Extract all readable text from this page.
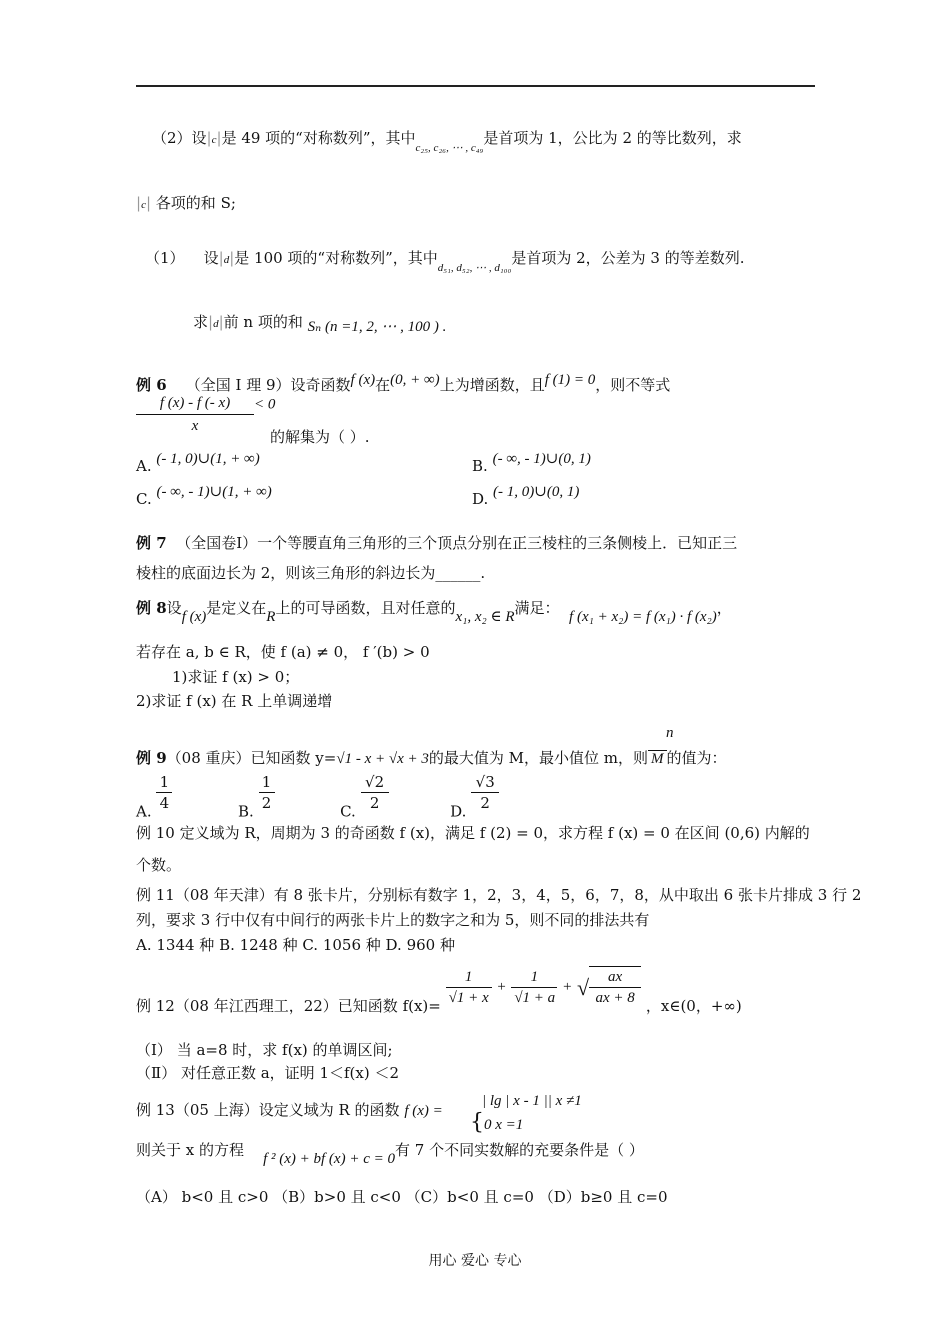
（2）设|c|是 49 项的“对称数列”，其中$_{c_{25}, c_{26}, \cdots , c_{49}}$是首项为 1，公比为 2 的等比数列，求
|c| 各项的和 S;
（1） 设|d|是 100 项的“对称数列”，其中$_{d_{51}, d_{52}, \cdots , d_{100}}$是首项为 2，公差为 3 的等差数列.
求|d|前 n 项的和 Sₙ (n =1, 2, ⋯ , 100 ) .
例 6 （全国 Ⅰ 理 9）设奇函数f (x)在(0, + ∞)上为增函数，且f (1) = 0，则不等式
$\frac{f (x) - f (- x)}{x} < 0$
的解集为（ ）.
A. (- 1, 0)∪(1, + ∞)	B. (- ∞, - 1)∪(0, 1)
C. (- ∞, - 1)∪(1, + ∞)	D. (- 1, 0)∪(0, 1)
例 7 （全国卷Ⅰ）一个等腰直角三角形的三个顶点分别在正三棱柱的三条侧棱上．已知正三
棱柱的底面边长为 2，则该三角形的斜边长为______.
例 8设f (x)是定义在R上的可导函数，且对任意的x₁, x₂ ∈ R满足： f (x₁ + x₂) = f (x₁) · f (x₂)，
若存在 a, b ∈ R，使 f (a) ≠ 0， f ′(b) > 0
1)求证 f (x) > 0；
2)求证 f (x) 在 R 上单调递增
n
例 9（08 重庆）已知函数 y=√1 - x + √x + 3的最大值为 M，最小值位 m，则 M 的值为：
A. $\frac{1}{4}$	B. $\frac{1}{2}$	C. $\frac{√2}{2}$	D. $\frac{√3}{2}$
例 10 定义域为 R，周期为 3 的奇函数 f (x)，满足 f (2) = 0，求方程 f (x) = 0 在区间 (0,6) 内解的
个数。
例 11（08 年天津）有 8 张卡片，分别标有数字 1，2，3，4，5，6，7，8，从中取出 6 张卡片排成 3 行 2
列，要求 3 行中仅有中间行的两张卡片上的数字之和为 5，则不同的排法共有
A. 1344 种 B. 1248 种 C. 1056 种 D. 960 种
例 12（08 年江西理工，22）已知函数 $f(x)= \frac{1}{√1 + x} + \frac{1}{√1 + a}$ + √ $\frac{ax}{ax + 8}$ ，x∈(0，+∞)
（Ⅰ） 当 a=8 时，求 f(x) 的单调区间;
（Ⅱ） 对任意正数 a，证明 1＜f(x) ＜2
例 13（05 上海）设定义域为 R 的函数 f (x) =
| lg | x - 1 || x ≠1
{0 x =1
则关于 x 的方程 f ² (x) + bf (x) + c = 0有 7 个不同实数解的充要条件是（ ）
（A） b<0 且 c>0 （B）b>0 且 c<0 （C）b<0 且 c=0 （D）b≥0 且 c=0
用心 爱心 专心
